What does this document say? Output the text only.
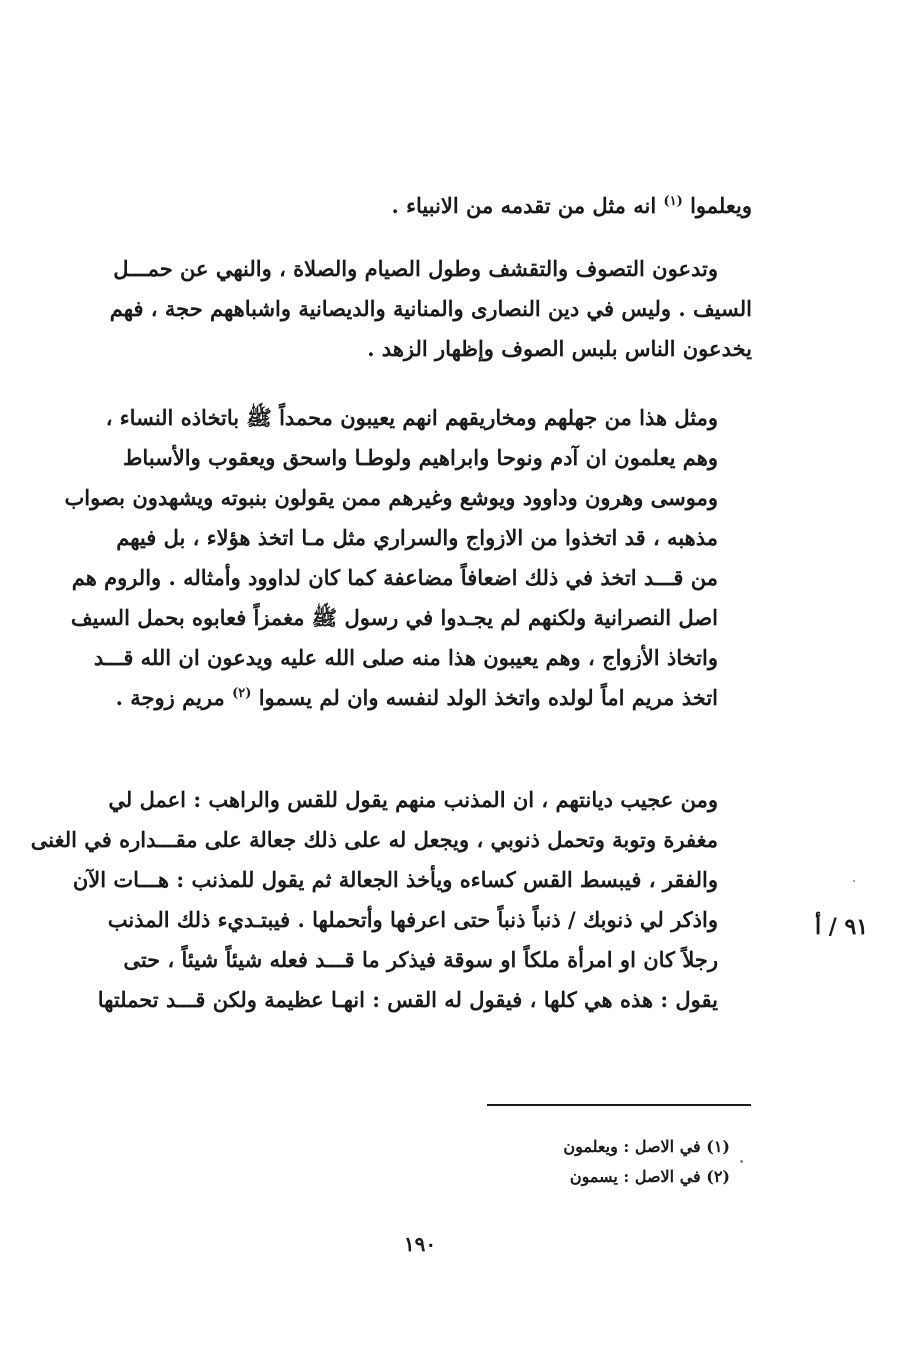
ويعلموا $^{(١)}$ انه مثل من تقدمه من الانبياء .

وتدعون التصوف والتقشف وطول الصيام والصلاة ، والنهي عن حمـــل
السيف . وليس في دين النصارى والمنانية والديصانية واشباههم حجة ، فهم
يخدعون الناس بلبس الصوف وإظهار الزهد .

ومثل هذا من جهلهم ومخاريقهم انهم يعيبون محمداً ﷺ باتخاذه النساء ،
وهم يعلمون ان آدم ونوحا وابراهيم ولوطـا واسحق ويعقوب والأسباط
وموسى وهرون وداوود ويوشع وغيرهم ممن يقولون بنبوته ويشهدون بصواب
مذهبه ، قد اتخذوا من الازواج والسراري مثل مـا اتخذ هؤلاء ، بل فيهم
من قـــد اتخذ في ذلك اضعافاً مضاعفة كما كان لداوود وأمثاله . والروم هم
اصل النصرانية ولكنهم لم يجـدوا في رسول ﷺ مغمزاً فعابوه بحمل السيف
واتخاذ الأزواج ، وهم يعيبون هذا منه صلى الله عليه ويدعون ان الله قـــد
اتخذ مريم اماً لولده واتخذ الولد لنفسه وان لم يسموا $^{(٢)}$ مريم زوجة .

ومن عجيب ديانتهم ، ان المذنب منهم يقول للقس والراهب : اعمل لي
مغفرة وتوبة وتحمل ذنوبي ، ويجعل له على ذلك جعالة على مقـــداره في الغنى
والفقر ، فيبسط القس كساءه ويأخذ الجعالة ثم يقول للمذنب : هـــات الآن
واذكر لي ذنوبك / ذنباً ذنباً حتى اعرفها وأتحملها . فيبتـديء ذلك المذنب
رجلاً كان او امرأة ملكاً او سوقة فيذكر ما قـــد فعله شيئاً شيئاً ، حتى
يقول : هذه هي كلها ، فيقول له القس : انهـا عظيمة ولكن قـــد تحملتها

٩١ / أ
(١) في الاصل : ويعلمون
(٢) في الاصل : يسمون
١٩٠
